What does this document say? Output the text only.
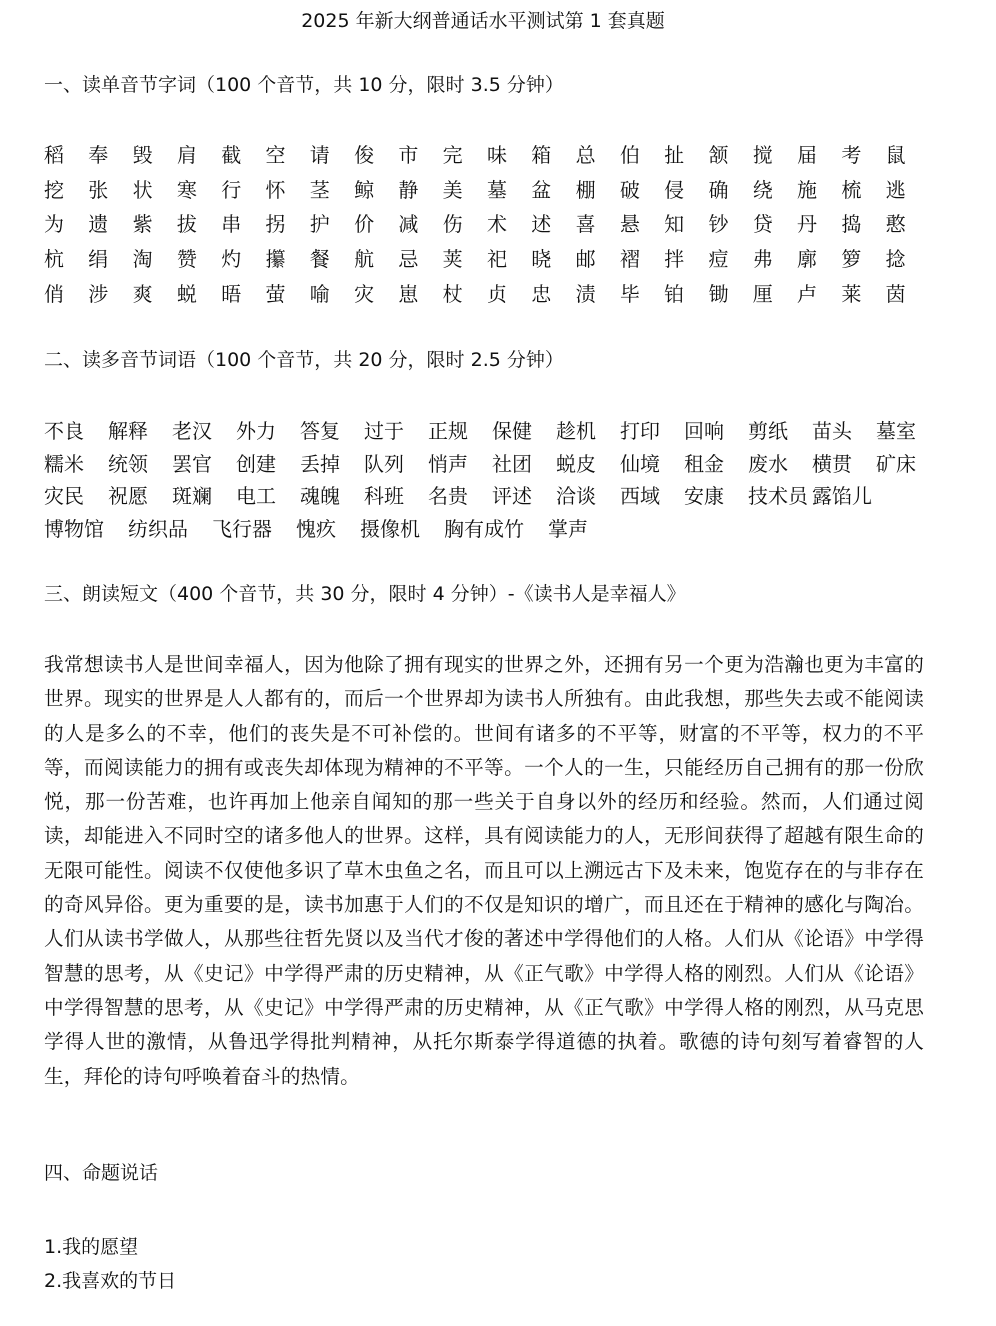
2025 年新大纲普通话水平测试第 1 套真题
一、读单音节字词（100 个音节，共 10 分，限时 3.5 分钟）
稻	奉	毁	肩	截	空	请	俊	市	完	味	箱	总	伯	扯	颔	搅	届	考	鼠
挖	张	状	寒	行	怀	茎	鲸	静	美	墓	盆	棚	破	侵	确	绕	施	梳	逃
为	遗	紫	拔	串	拐	护	价	减	伤	术	述	喜	悬	知	钞	贷	丹	捣	憨
杭	绢	淘	赞	灼	攥	餐	航	忌	荚	祀	晓	邮	褶	拌	痘	弗	廓	箩	捻
俏	涉	爽	蜕	晤	萤	喻	灾	崽	杖	贞	忠	渍	毕	铂	锄	厘	卢	莱	茵
二、读多音节词语（100 个音节，共 20 分，限时 2.5 分钟）
不良 解释 老汉 外力 答复 过于 正规 保健 趁机 打印 回响 剪纸 苗头 墓室
糯米 统领 罢官 创建 丢掉 队列 悄声 社团 蜕皮 仙境 租金 废水 横贯 矿床
灾民 祝愿 斑斓 电工 魂魄 科班 名贵 评述 洽谈 西域 安康 技术员 露馅儿
博物馆 纺织品 飞行器 愧疚 摄像机 胸有成竹 掌声
三、朗读短文（400 个音节，共 30 分，限时 4 分钟）-《读书人是幸福人》

我常想读书人是世间幸福人，因为他除了拥有现实的世界之外，还拥有另一个更为浩瀚也更为丰富的世界。现实的世界是人人都有的，而后一个世界却为读书人所独有。由此我想，那些失去或不能阅读的人是多么的不幸，他们的丧失是不可补偿的。世间有诸多的不平等，财富的不平等，权力的不平等，而阅读能力的拥有或丧失却体现为精神的不平等。一个人的一生，只能经历自己拥有的那一份欣悦，那一份苦难，也许再加上他亲自闻知的那一些关于自身以外的经历和经验。然而，人们通过阅读，却能进入不同时空的诸多他人的世界。这样，具有阅读能力的人，无形间获得了超越有限生命的无限可能性。阅读不仅使他多识了草木虫鱼之名，而且可以上溯远古下及未来，饱览存在的与非存在的奇风异俗。更为重要的是，读书加惠于人们的不仅是知识的增广，而且还在于精神的感化与陶冶。人们从读书学做人，从那些往哲先贤以及当代才俊的著述中学得他们的人格。人们从《论语》中学得智慧的思考，从《史记》中学得严肃的历史精神，从《正气歌》中学得人格的刚烈。人们从《论语》中学得智慧的思考，从《史记》中学得严肃的历史精神，从《正气歌》中学得人格的刚烈，从马克思学得人世的激情，从鲁迅学得批判精神，从托尔斯泰学得道德的执着。歌德的诗句刻写着睿智的人生，拜伦的诗句呼唤着奋斗的热情。

四、命题说话
1.我的愿望
2.我喜欢的节日
